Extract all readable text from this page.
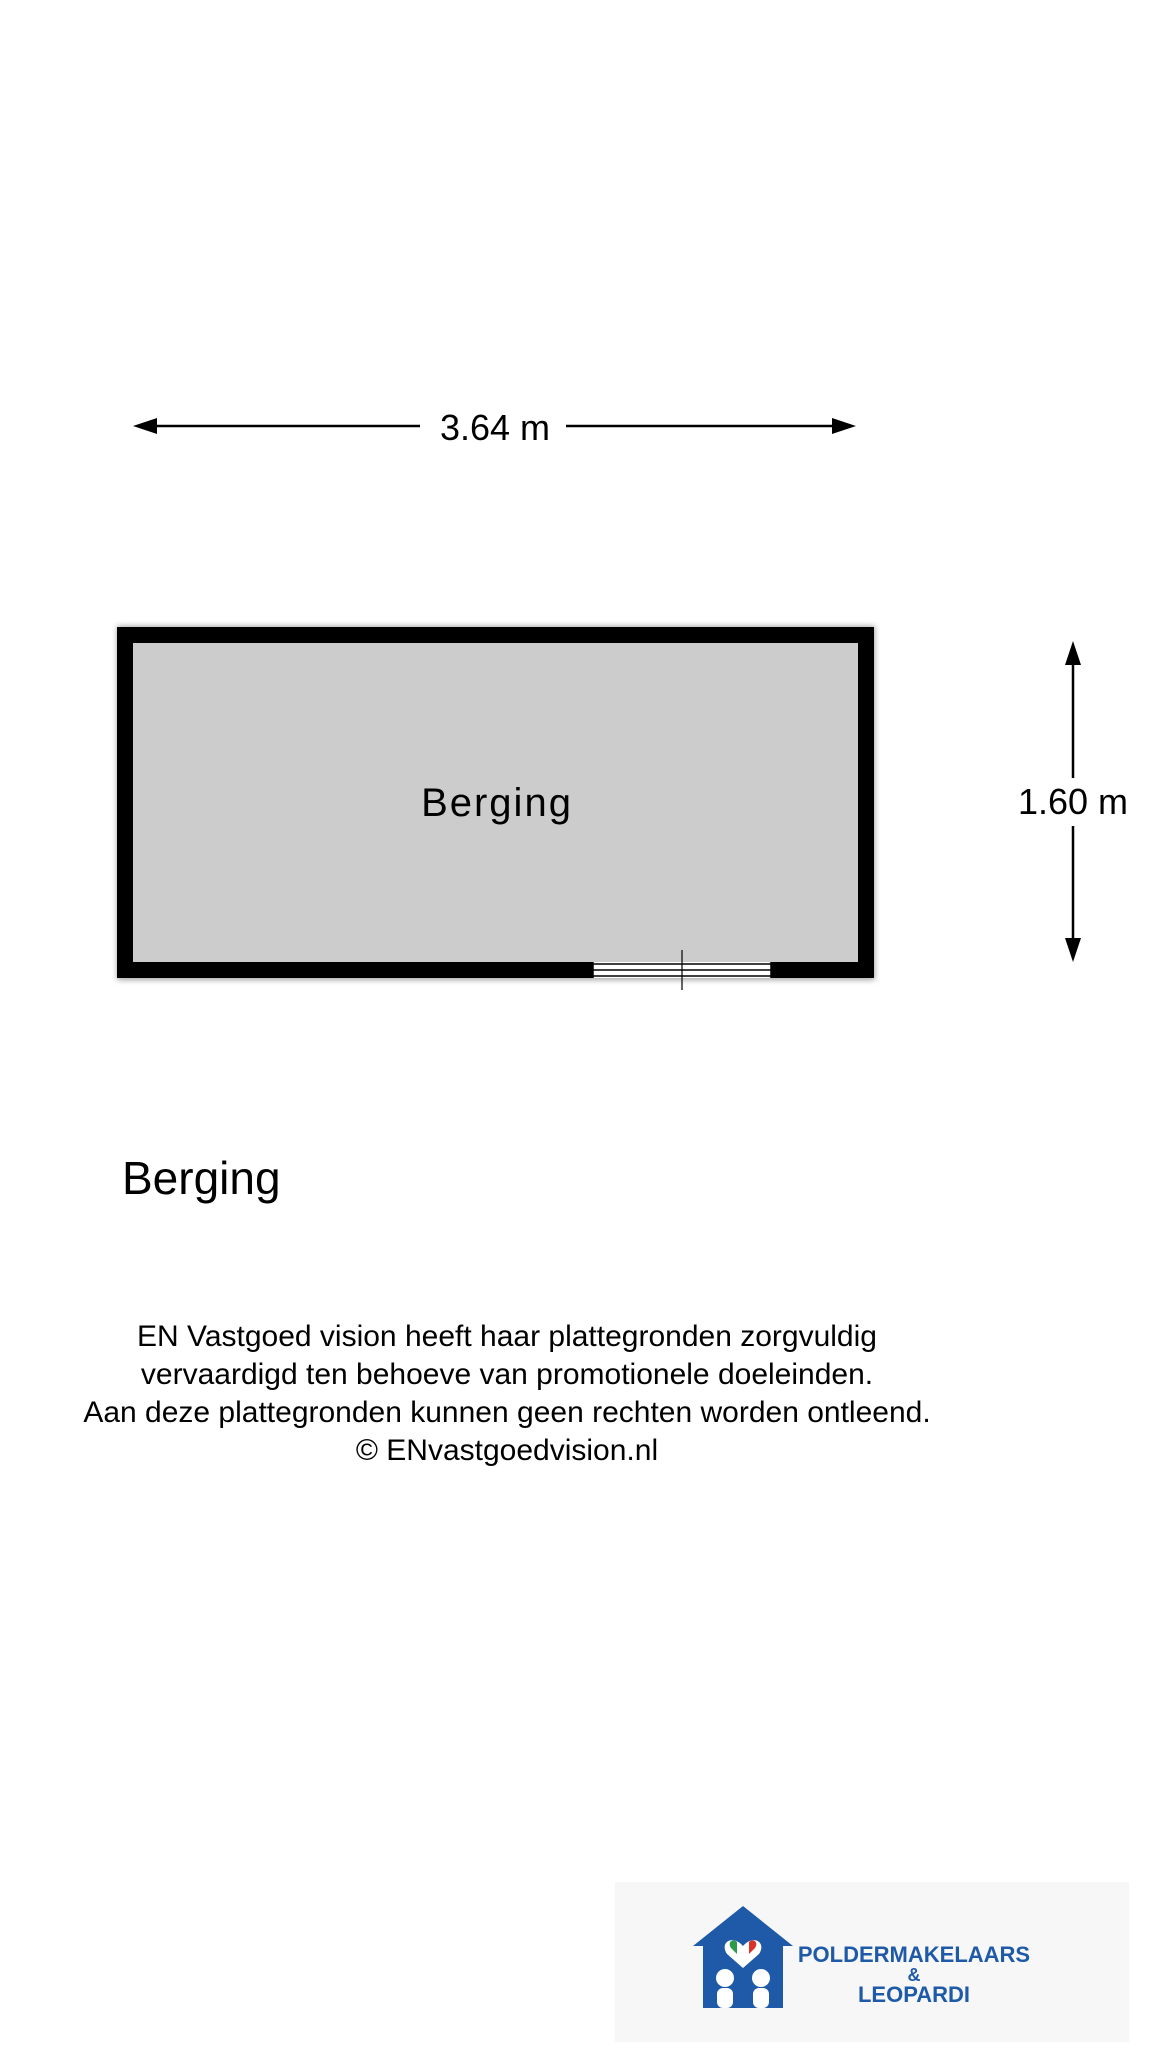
3.64 m
1.60 m
Berging
Berging
EN Vastgoed vision heeft haar plattegronden zorgvuldig
vervaardigd ten behoeve van promotionele doeleinden.
Aan deze plattegronden kunnen geen rechten worden ontleend.
© ENvastgoedvision.nl
POLDERMAKELAARS
&
LEOPARDI
